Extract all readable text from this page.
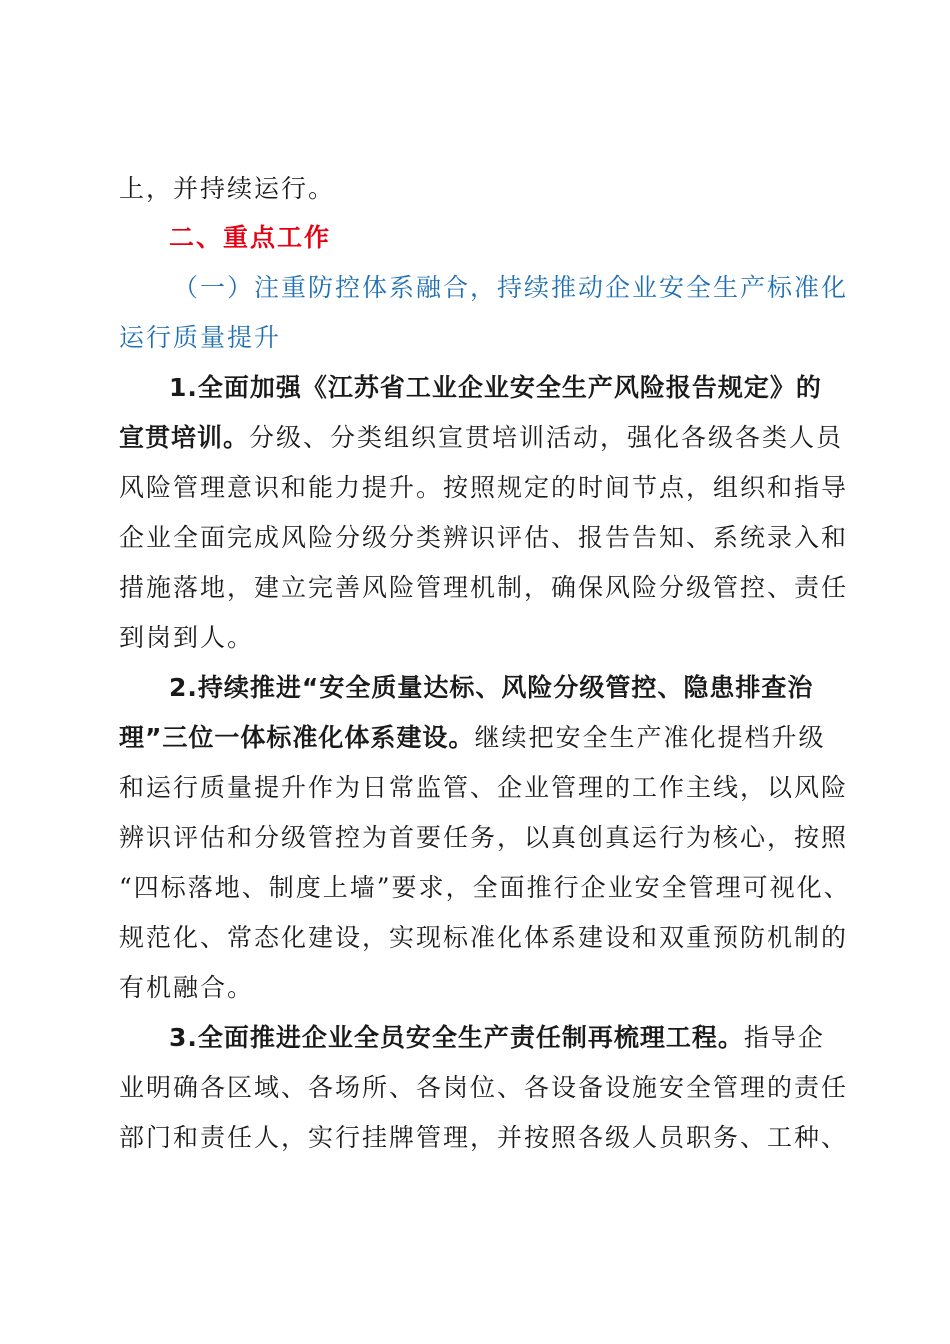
上，并持续运行。
二、重点工作
（一）注重防控体系融合，持续推动企业安全生产标准化
运行质量提升
1.全面加强《江苏省工业企业安全生产风险报告规定》的
宣贯培训。分级、分类组织宣贯培训活动，强化各级各类人员
风险管理意识和能力提升。按照规定的时间节点，组织和指导
企业全面完成风险分级分类辨识评估、报告告知、系统录入和
措施落地，建立完善风险管理机制，确保风险分级管控、责任
到岗到人。
2.持续推进“安全质量达标、风险分级管控、隐患排查治
理”三位一体标准化体系建设。继续把安全生产准化提档升级
和运行质量提升作为日常监管、企业管理的工作主线，以风险
辨识评估和分级管控为首要任务，以真创真运行为核心，按照
“四标落地、制度上墙”要求，全面推行企业安全管理可视化、
规范化、常态化建设，实现标准化体系建设和双重预防机制的
有机融合。
3.全面推进企业全员安全生产责任制再梳理工程。指导企
业明确各区域、各场所、各岗位、各设备设施安全管理的责任
部门和责任人，实行挂牌管理，并按照各级人员职务、工种、
